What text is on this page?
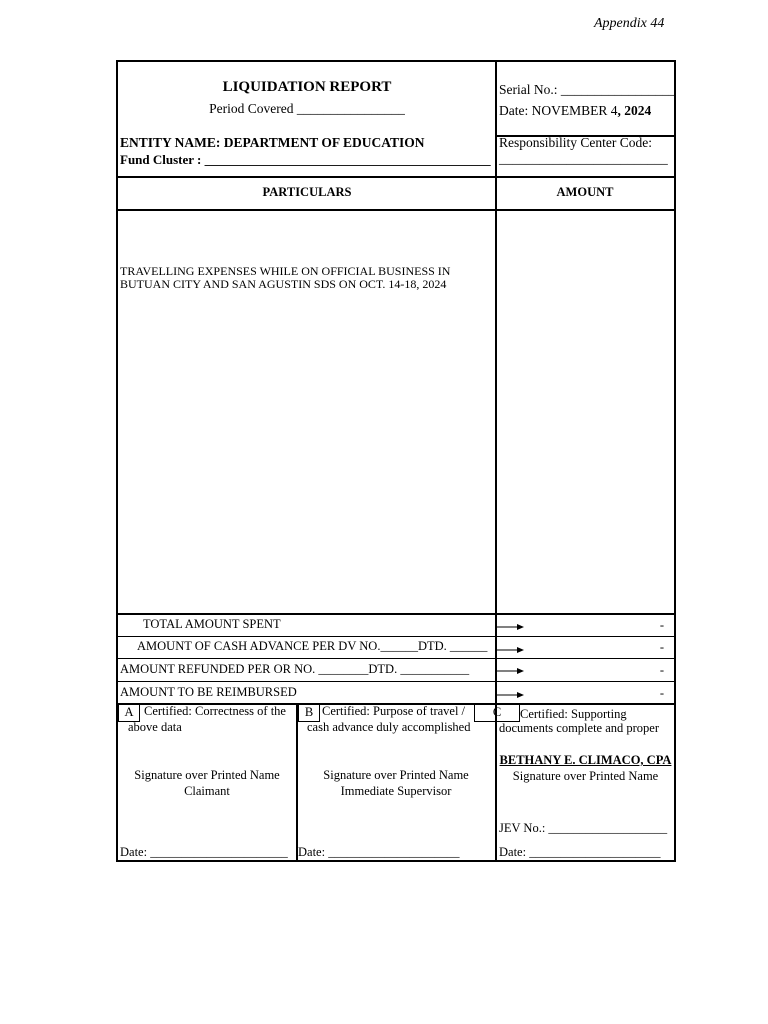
Appendix 44
LIQUIDATION REPORT
Period Covered ________________
ENTITY NAME: DEPARTMENT OF EDUCATION
Fund Cluster : ____________________________________________
Serial No.: _________________
Date: NOVEMBER 4, 2024
Responsibility Center Code:
_________________________
PARTICULARS	AMOUNT
TRAVELLING EXPENSES WHILE ON OFFICIAL BUSINESS IN
BUTUAN CITY AND SAN AGUSTIN SDS ON OCT. 14-18, 2024
TOTAL AMOUNT SPENT
AMOUNT OF CASH ADVANCE PER DV NO.______DTD. ______
AMOUNT REFUNDED PER OR NO. ________DTD. ___________
AMOUNT TO BE REIMBURSED
-
-
-
-
A Certified: Correctness of the
above data
Signature over Printed Name
Claimant
Date: ______________________
B Certified: Purpose of travel /
cash advance duly accomplished
Signature over Printed Name
Immediate Supervisor
Date: _____________________
C	Certified: Supporting
documents complete and proper
BETHANY E. CLIMACO, CPA
Signature over Printed Name
JEV No.: ___________________
Date: _____________________
